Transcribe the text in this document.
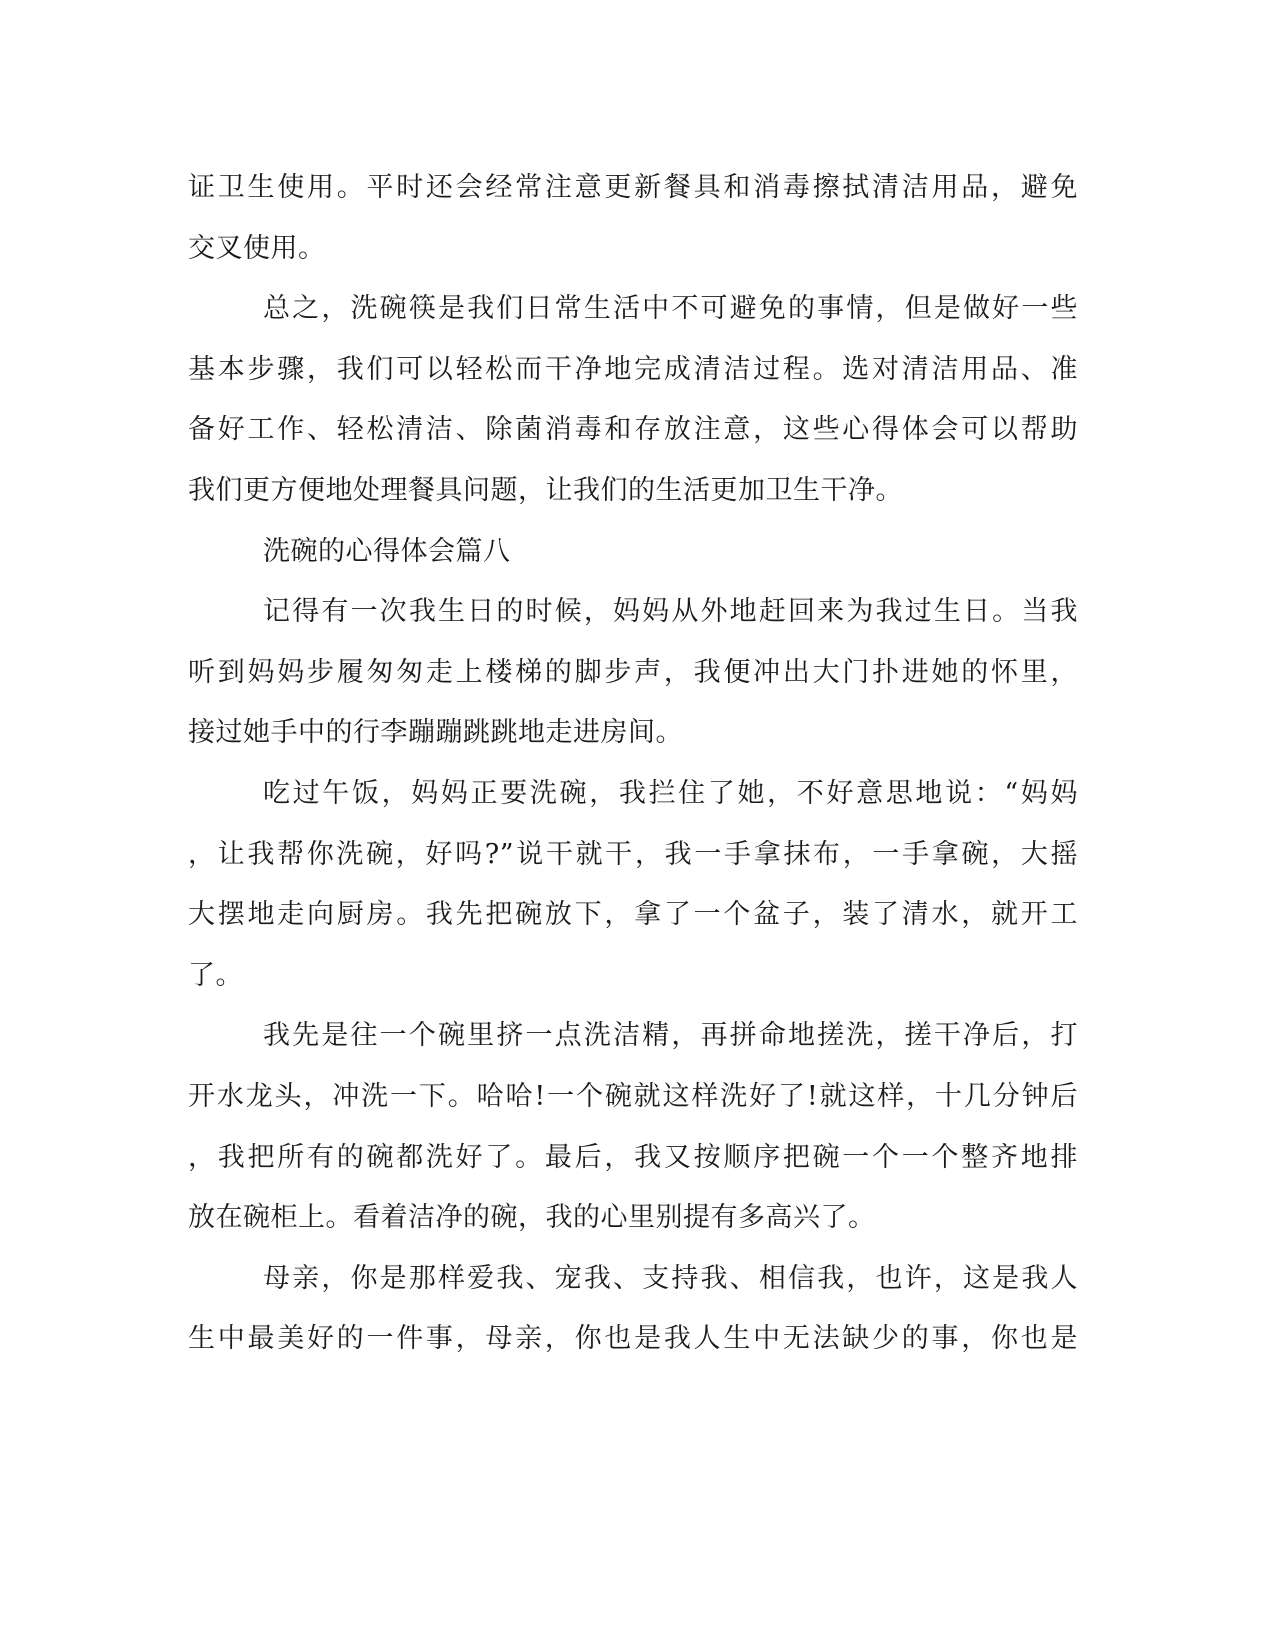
证卫生使用。平时还会经常注意更新餐具和消毒擦拭清洁用品，避免
交叉使用。
总之，洗碗筷是我们日常生活中不可避免的事情，但是做好一些
基本步骤，我们可以轻松而干净地完成清洁过程。选对清洁用品、准
备好工作、轻松清洁、除菌消毒和存放注意，这些心得体会可以帮助
我们更方便地处理餐具问题，让我们的生活更加卫生干净。
洗碗的心得体会篇八
记得有一次我生日的时候，妈妈从外地赶回来为我过生日。当我
听到妈妈步履匆匆走上楼梯的脚步声，我便冲出大门扑进她的怀里，
接过她手中的行李蹦蹦跳跳地走进房间。
吃过午饭，妈妈正要洗碗，我拦住了她，不好意思地说：“妈妈
，让我帮你洗碗，好吗?”说干就干，我一手拿抹布，一手拿碗，大摇
大摆地走向厨房。我先把碗放下，拿了一个盆子，装了清水，就开工
了。
我先是往一个碗里挤一点洗洁精，再拼命地搓洗，搓干净后，打
开水龙头，冲洗一下。哈哈!一个碗就这样洗好了!就这样，十几分钟后
，我把所有的碗都洗好了。最后，我又按顺序把碗一个一个整齐地排
放在碗柜上。看着洁净的碗，我的心里别提有多高兴了。
母亲，你是那样爱我、宠我、支持我、相信我，也许，这是我人
生中最美好的一件事，母亲，你也是我人生中无法缺少的事，你也是
